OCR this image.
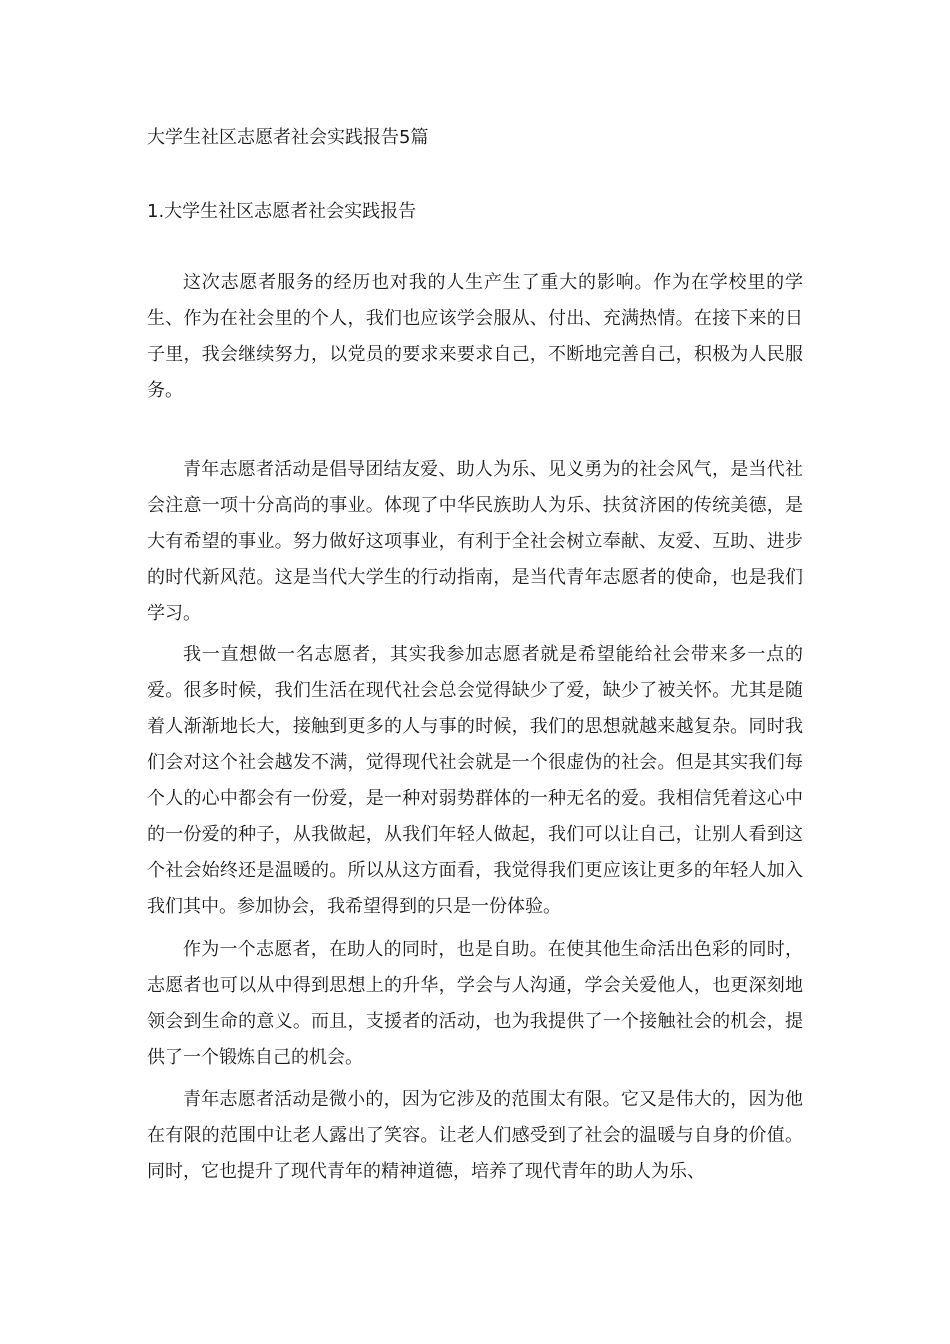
大学生社区志愿者社会实践报告5篇
1.大学生社区志愿者社会实践报告

这次志愿者服务的经历也对我的人生产生了重大的影响。作为在学校里的学生、作为在社会里的个人，我们也应该学会服从、付出、充满热情。在接下来的日子里，我会继续努力，以党员的要求来要求自己，不断地完善自己，积极为人民服务。

青年志愿者活动是倡导团结友爱、助人为乐、见义勇为的社会风气，是当代社会注意一项十分高尚的事业。体现了中华民族助人为乐、扶贫济困的传统美德，是大有希望的事业。努力做好这项事业，有利于全社会树立奉献、友爱、互助、进步的时代新风范。这是当代大学生的行动指南，是当代青年志愿者的使命，也是我们学习。

我一直想做一名志愿者，其实我参加志愿者就是希望能给社会带来多一点的爱。很多时候，我们生活在现代社会总会觉得缺少了爱，缺少了被关怀。尤其是随着人渐渐地长大，接触到更多的人与事的时候，我们的思想就越来越复杂。同时我们会对这个社会越发不满，觉得现代社会就是一个很虚伪的社会。但是其实我们每个人的心中都会有一份爱，是一种对弱势群体的一种无名的爱。我相信凭着这心中的一份爱的种子，从我做起，从我们年轻人做起，我们可以让自己，让别人看到这个社会始终还是温暖的。所以从这方面看，我觉得我们更应该让更多的年轻人加入我们其中。参加协会，我希望得到的只是一份体验。

作为一个志愿者，在助人的同时，也是自助。在使其他生命活出色彩的同时，志愿者也可以从中得到思想上的升华，学会与人沟通，学会关爱他人，也更深刻地领会到生命的意义。而且，支援者的活动，也为我提供了一个接触社会的机会，提供了一个锻炼自己的机会。

青年志愿者活动是微小的，因为它涉及的范围太有限。它又是伟大的，因为他在有限的范围中让老人露出了笑容。让老人们感受到了社会的温暖与自身的价值。同时，它也提升了现代青年的精神道德，培养了现代青年的助人为乐、
